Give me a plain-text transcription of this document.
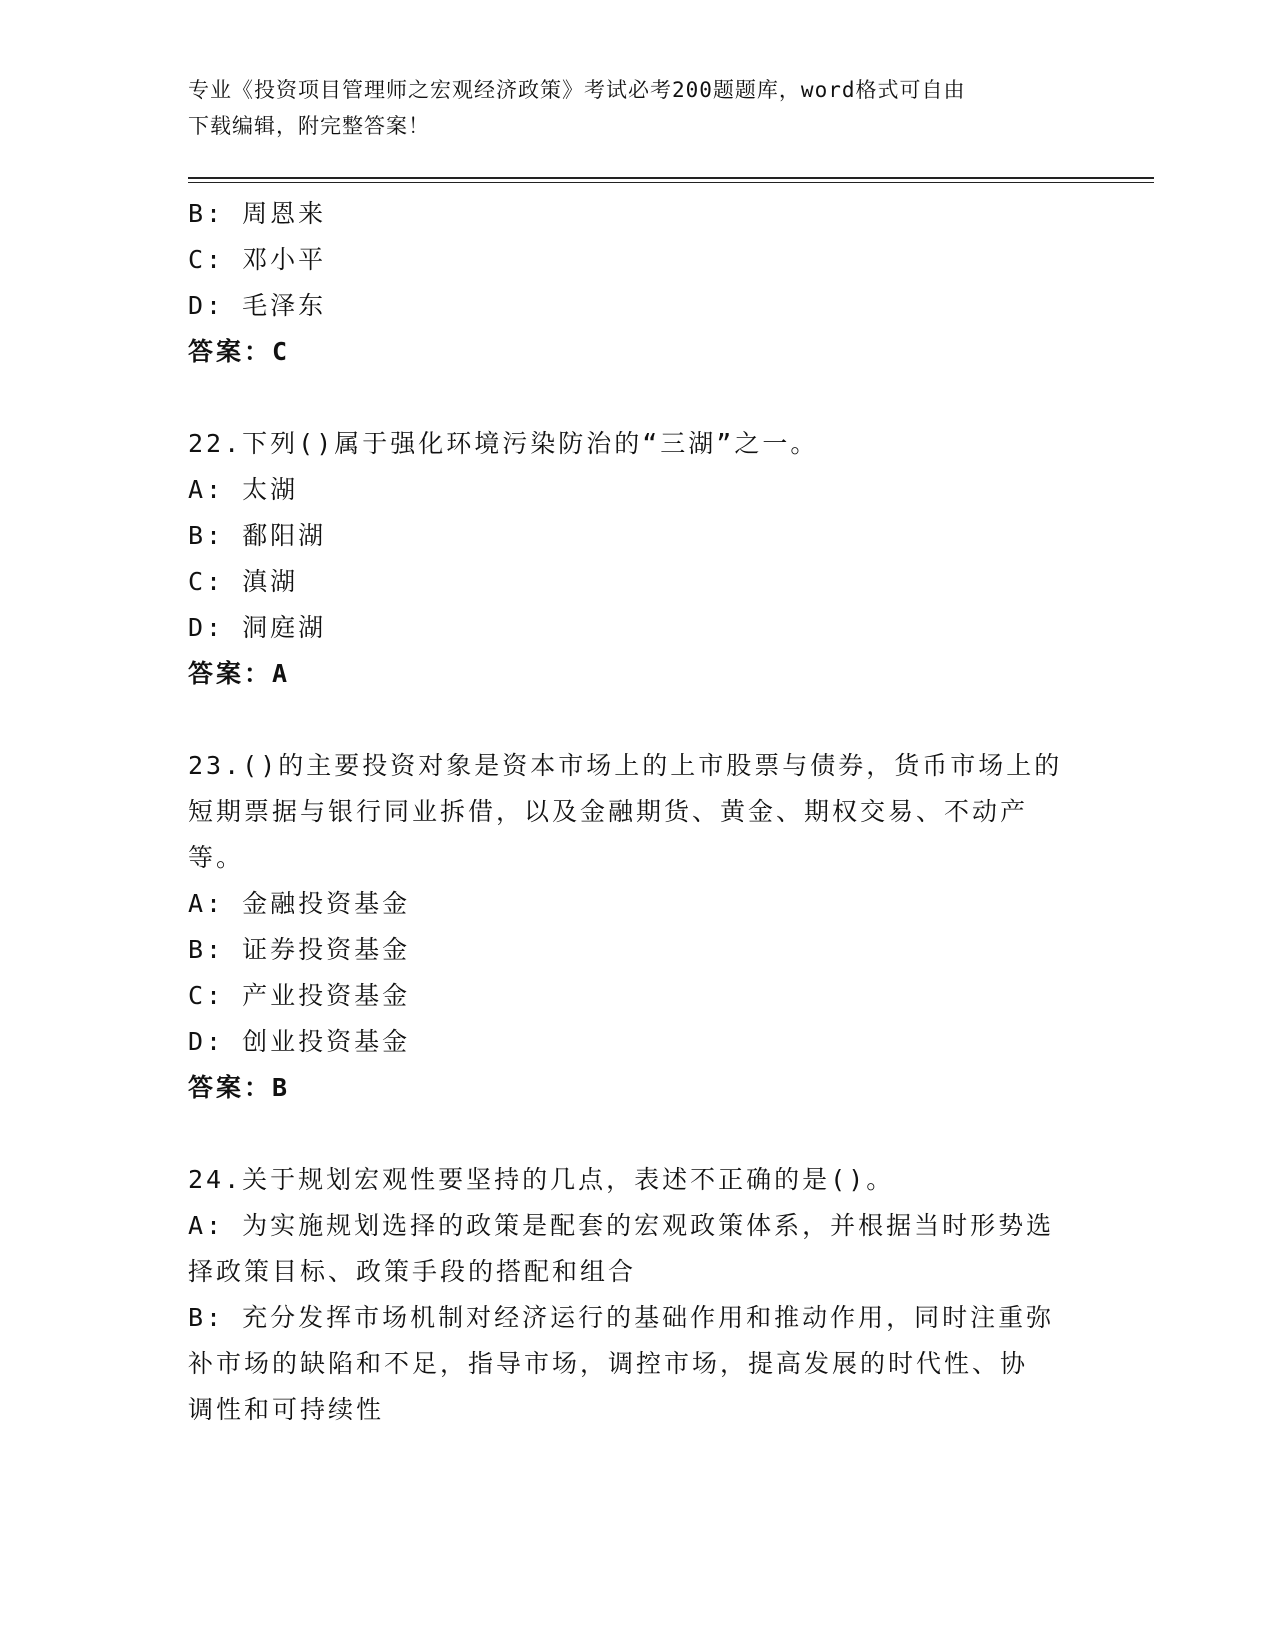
专业《投资项目管理师之宏观经济政策》考试必考200题题库，word格式可自由
下载编辑，附完整答案！
B: 周恩来
C: 邓小平
D: 毛泽东
答案：C
22.下列()属于强化环境污染防治的“三湖”之一。
A: 太湖
B: 鄱阳湖
C: 滇湖
D: 洞庭湖
答案：A
23.()的主要投资对象是资本市场上的上市股票与债券，货币市场上的
短期票据与银行同业拆借，以及金融期货、黄金、期权交易、不动产
等。
A: 金融投资基金
B: 证券投资基金
C: 产业投资基金
D: 创业投资基金
答案：B
24.关于规划宏观性要坚持的几点，表述不正确的是()。
A: 为实施规划选择的政策是配套的宏观政策体系，并根据当时形势选
择政策目标、政策手段的搭配和组合
B: 充分发挥市场机制对经济运行的基础作用和推动作用，同时注重弥
补市场的缺陷和不足，指导市场，调控市场，提高发展的时代性、协
调性和可持续性
